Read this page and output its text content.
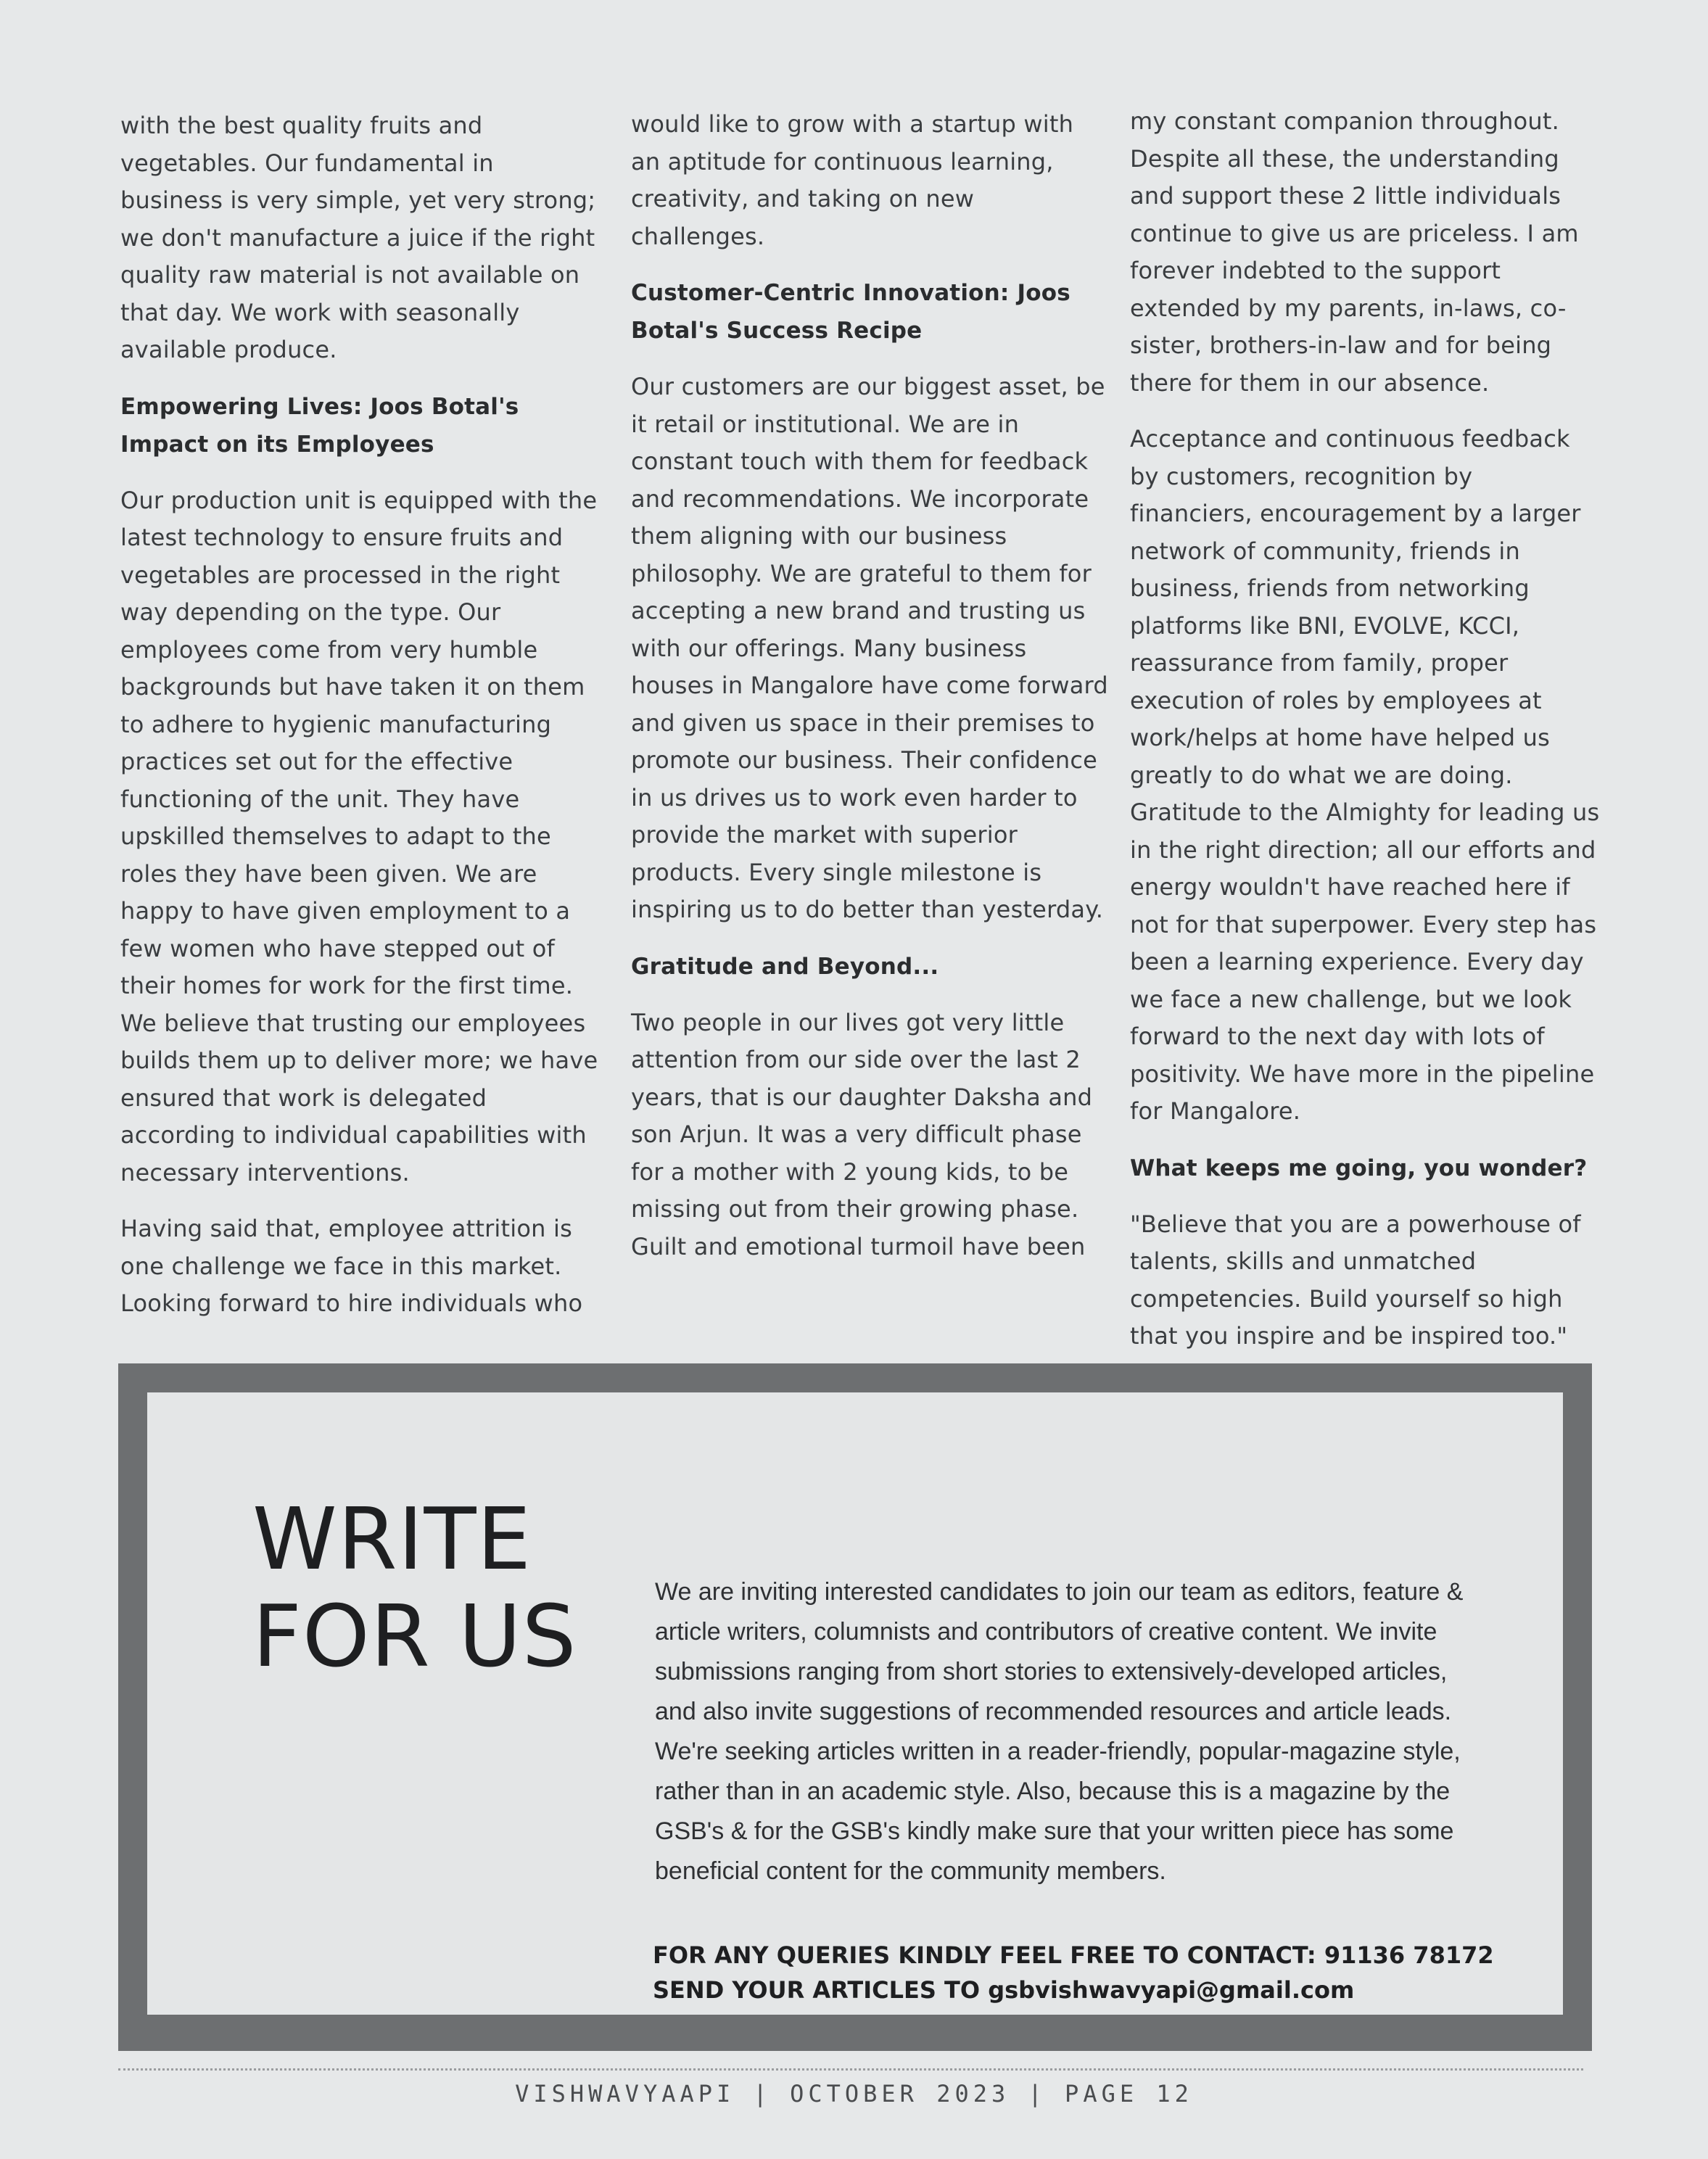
with the best quality fruits and vegetables. Our fundamental in business is very simple, yet very strong; we don't manufacture a juice if the right quality raw material is not available on that day. We work with seasonally available produce.

Empowering Lives: Joos Botal's Impact on its Employees

Our production unit is equipped with the latest technology to ensure fruits and vegetables are processed in the right way depending on the type. Our employees come from very humble backgrounds but have taken it on them to adhere to hygienic manufacturing practices set out for the effective functioning of the unit. They have upskilled themselves to adapt to the roles they have been given. We are happy to have given employment to a few women who have stepped out of their homes for work for the first time. We believe that trusting our employees builds them up to deliver more; we have ensured that work is delegated according to individual capabilities with necessary interventions.

Having said that, employee attrition is one challenge we face in this market. Looking forward to hire individuals who

would like to grow with a startup with an aptitude for continuous learning, creativity, and taking on new challenges.

Customer-Centric Innovation: Joos Botal's Success Recipe

Our customers are our biggest asset, be it retail or institutional. We are in constant touch with them for feedback and recommendations. We incorporate them aligning with our business philosophy. We are grateful to them for accepting a new brand and trusting us with our offerings. Many business houses in Mangalore have come forward and given us space in their premises to promote our business. Their confidence in us drives us to work even harder to provide the market with superior products. Every single milestone is inspiring us to do better than yesterday.

Gratitude and Beyond...

Two people in our lives got very little attention from our side over the last 2 years, that is our daughter Daksha and son Arjun. It was a very difficult phase for a mother with 2 young kids, to be missing out from their growing phase. Guilt and emotional turmoil have been

my constant companion throughout. Despite all these, the understanding and support these 2 little individuals continue to give us are priceless. I am forever indebted to the support extended by my parents, in-laws, co-sister, brothers-in-law and for being there for them in our absence.

Acceptance and continuous feedback by customers, recognition by financiers, encouragement by a larger network of community, friends in business, friends from networking platforms like BNI, EVOLVE, KCCI, reassurance from family, proper execution of roles by employees at work/helps at home have helped us greatly to do what we are doing. Gratitude to the Almighty for leading us in the right direction; all our efforts and energy wouldn't have reached here if not for that superpower. Every step has been a learning experience. Every day we face a new challenge, but we look forward to the next day with lots of positivity. We have more in the pipeline for Mangalore.

What keeps me going, you wonder?

"Believe that you are a powerhouse of talents, skills and unmatched competencies. Build yourself so high that you inspire and be inspired too."

WRITE
FOR US	We are inviting interested candidates to join our team as editors, feature & article writers, columnists and contributors of creative content. We invite submissions ranging from short stories to extensively-developed articles, and also invite suggestions of recommended resources and article leads. We're seeking articles written in a reader-friendly, popular-magazine style, rather than in an academic style. Also, because this is a magazine by the GSB's & for the GSB's kindly make sure that your written piece has some beneficial content for the community members.
FOR ANY QUERIES KINDLY FEEL FREE TO CONTACT: 91136 78172
SEND YOUR ARTICLES TO gsbvishwavyapi@gmail.com
VISHWAVYAAPI | OCTOBER 2023 | PAGE 12
